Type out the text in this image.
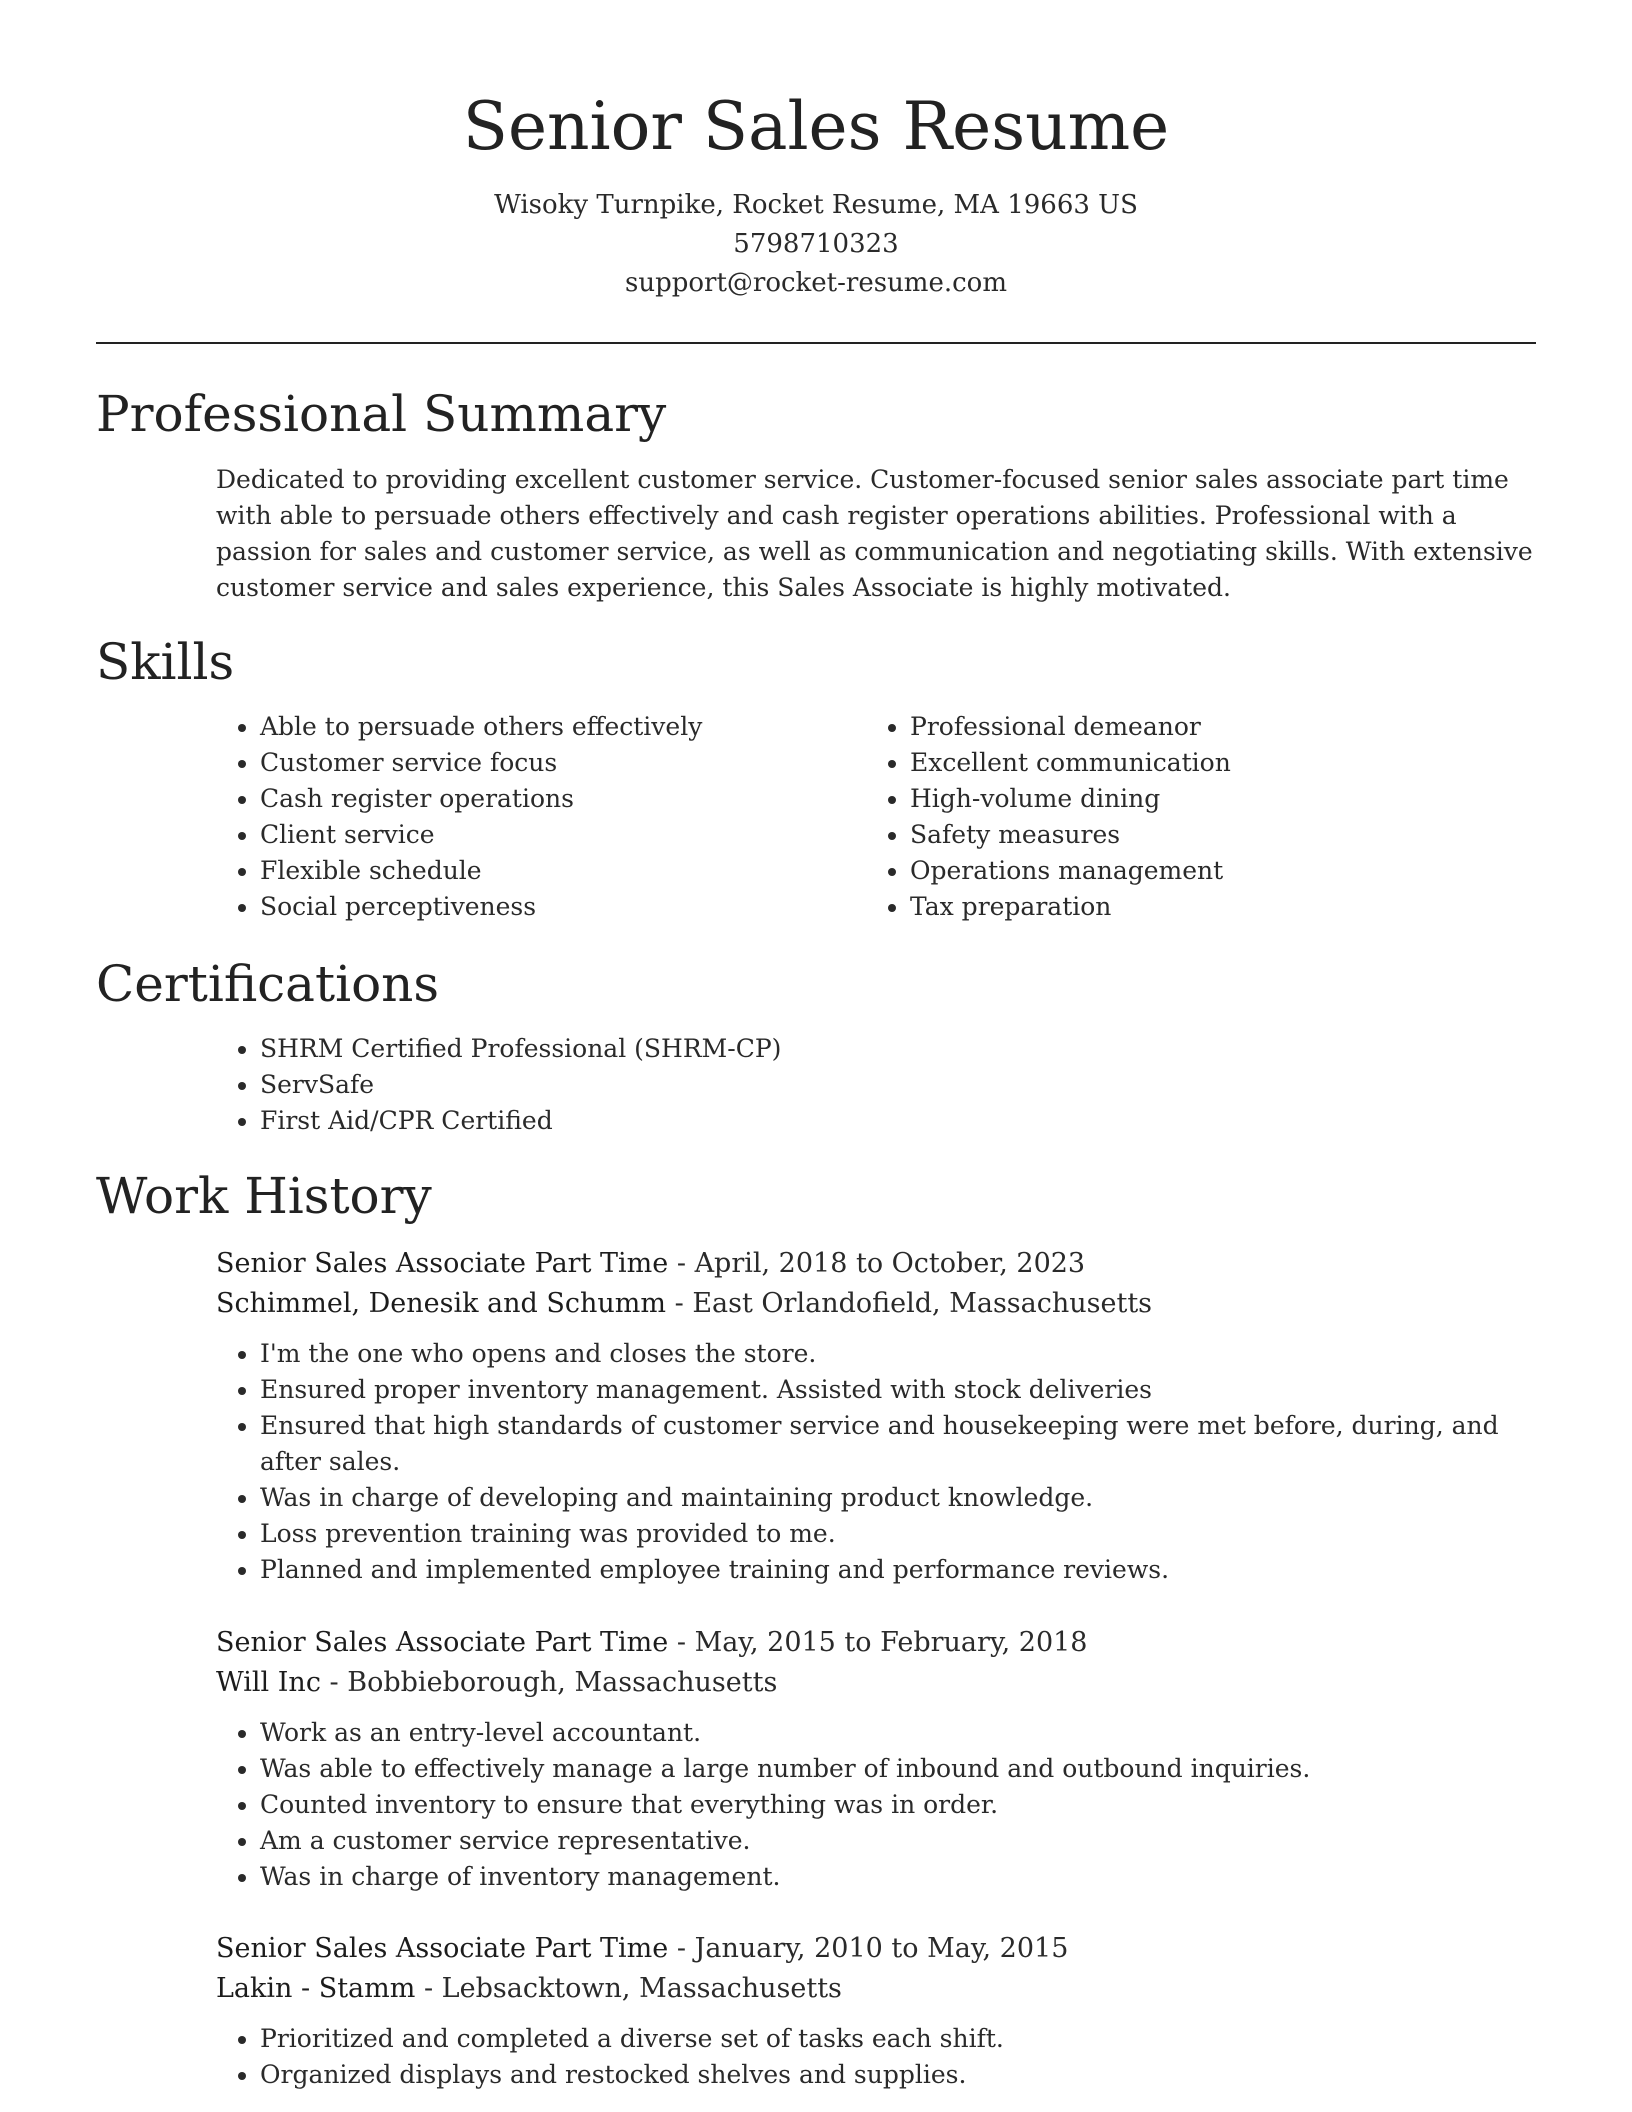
Senior Sales Resume
Wisoky Turnpike, Rocket Resume, MA 19663 US
5798710323
support@rocket-resume.com
Professional Summary

Dedicated to providing excellent customer service. Customer-focused senior sales associate part time with able to persuade others effectively and cash register operations abilities. Professional with a passion for sales and customer service, as well as communication and negotiating skills. With extensive customer service and sales experience, this Sales Associate is highly motivated.

Skills
• Able to persuade others effectively
• Customer service focus
• Cash register operations
• Client service
• Flexible schedule
• Social perceptiveness
• Professional demeanor
• Excellent communication
• High-volume dining
• Safety measures
• Operations management
• Tax preparation
Certifications
• SHRM Certified Professional (SHRM-CP)
• ServSafe
• First Aid/CPR Certified
Work History
Senior Sales Associate Part Time - April, 2018 to October, 2023
Schimmel, Denesik and Schumm - East Orlandofield, Massachusetts
• I'm the one who opens and closes the store.
• Ensured proper inventory management. Assisted with stock deliveries
• Ensured that high standards of customer service and housekeeping were met before, during, and after sales.
• Was in charge of developing and maintaining product knowledge.
• Loss prevention training was provided to me.
• Planned and implemented employee training and performance reviews.
Senior Sales Associate Part Time - May, 2015 to February, 2018
Will Inc - Bobbieborough, Massachusetts
• Work as an entry-level accountant.
• Was able to effectively manage a large number of inbound and outbound inquiries.
• Counted inventory to ensure that everything was in order.
• Am a customer service representative.
• Was in charge of inventory management.
Senior Sales Associate Part Time - January, 2010 to May, 2015
Lakin - Stamm - Lebsacktown, Massachusetts
• Prioritized and completed a diverse set of tasks each shift.
• Organized displays and restocked shelves and supplies.
